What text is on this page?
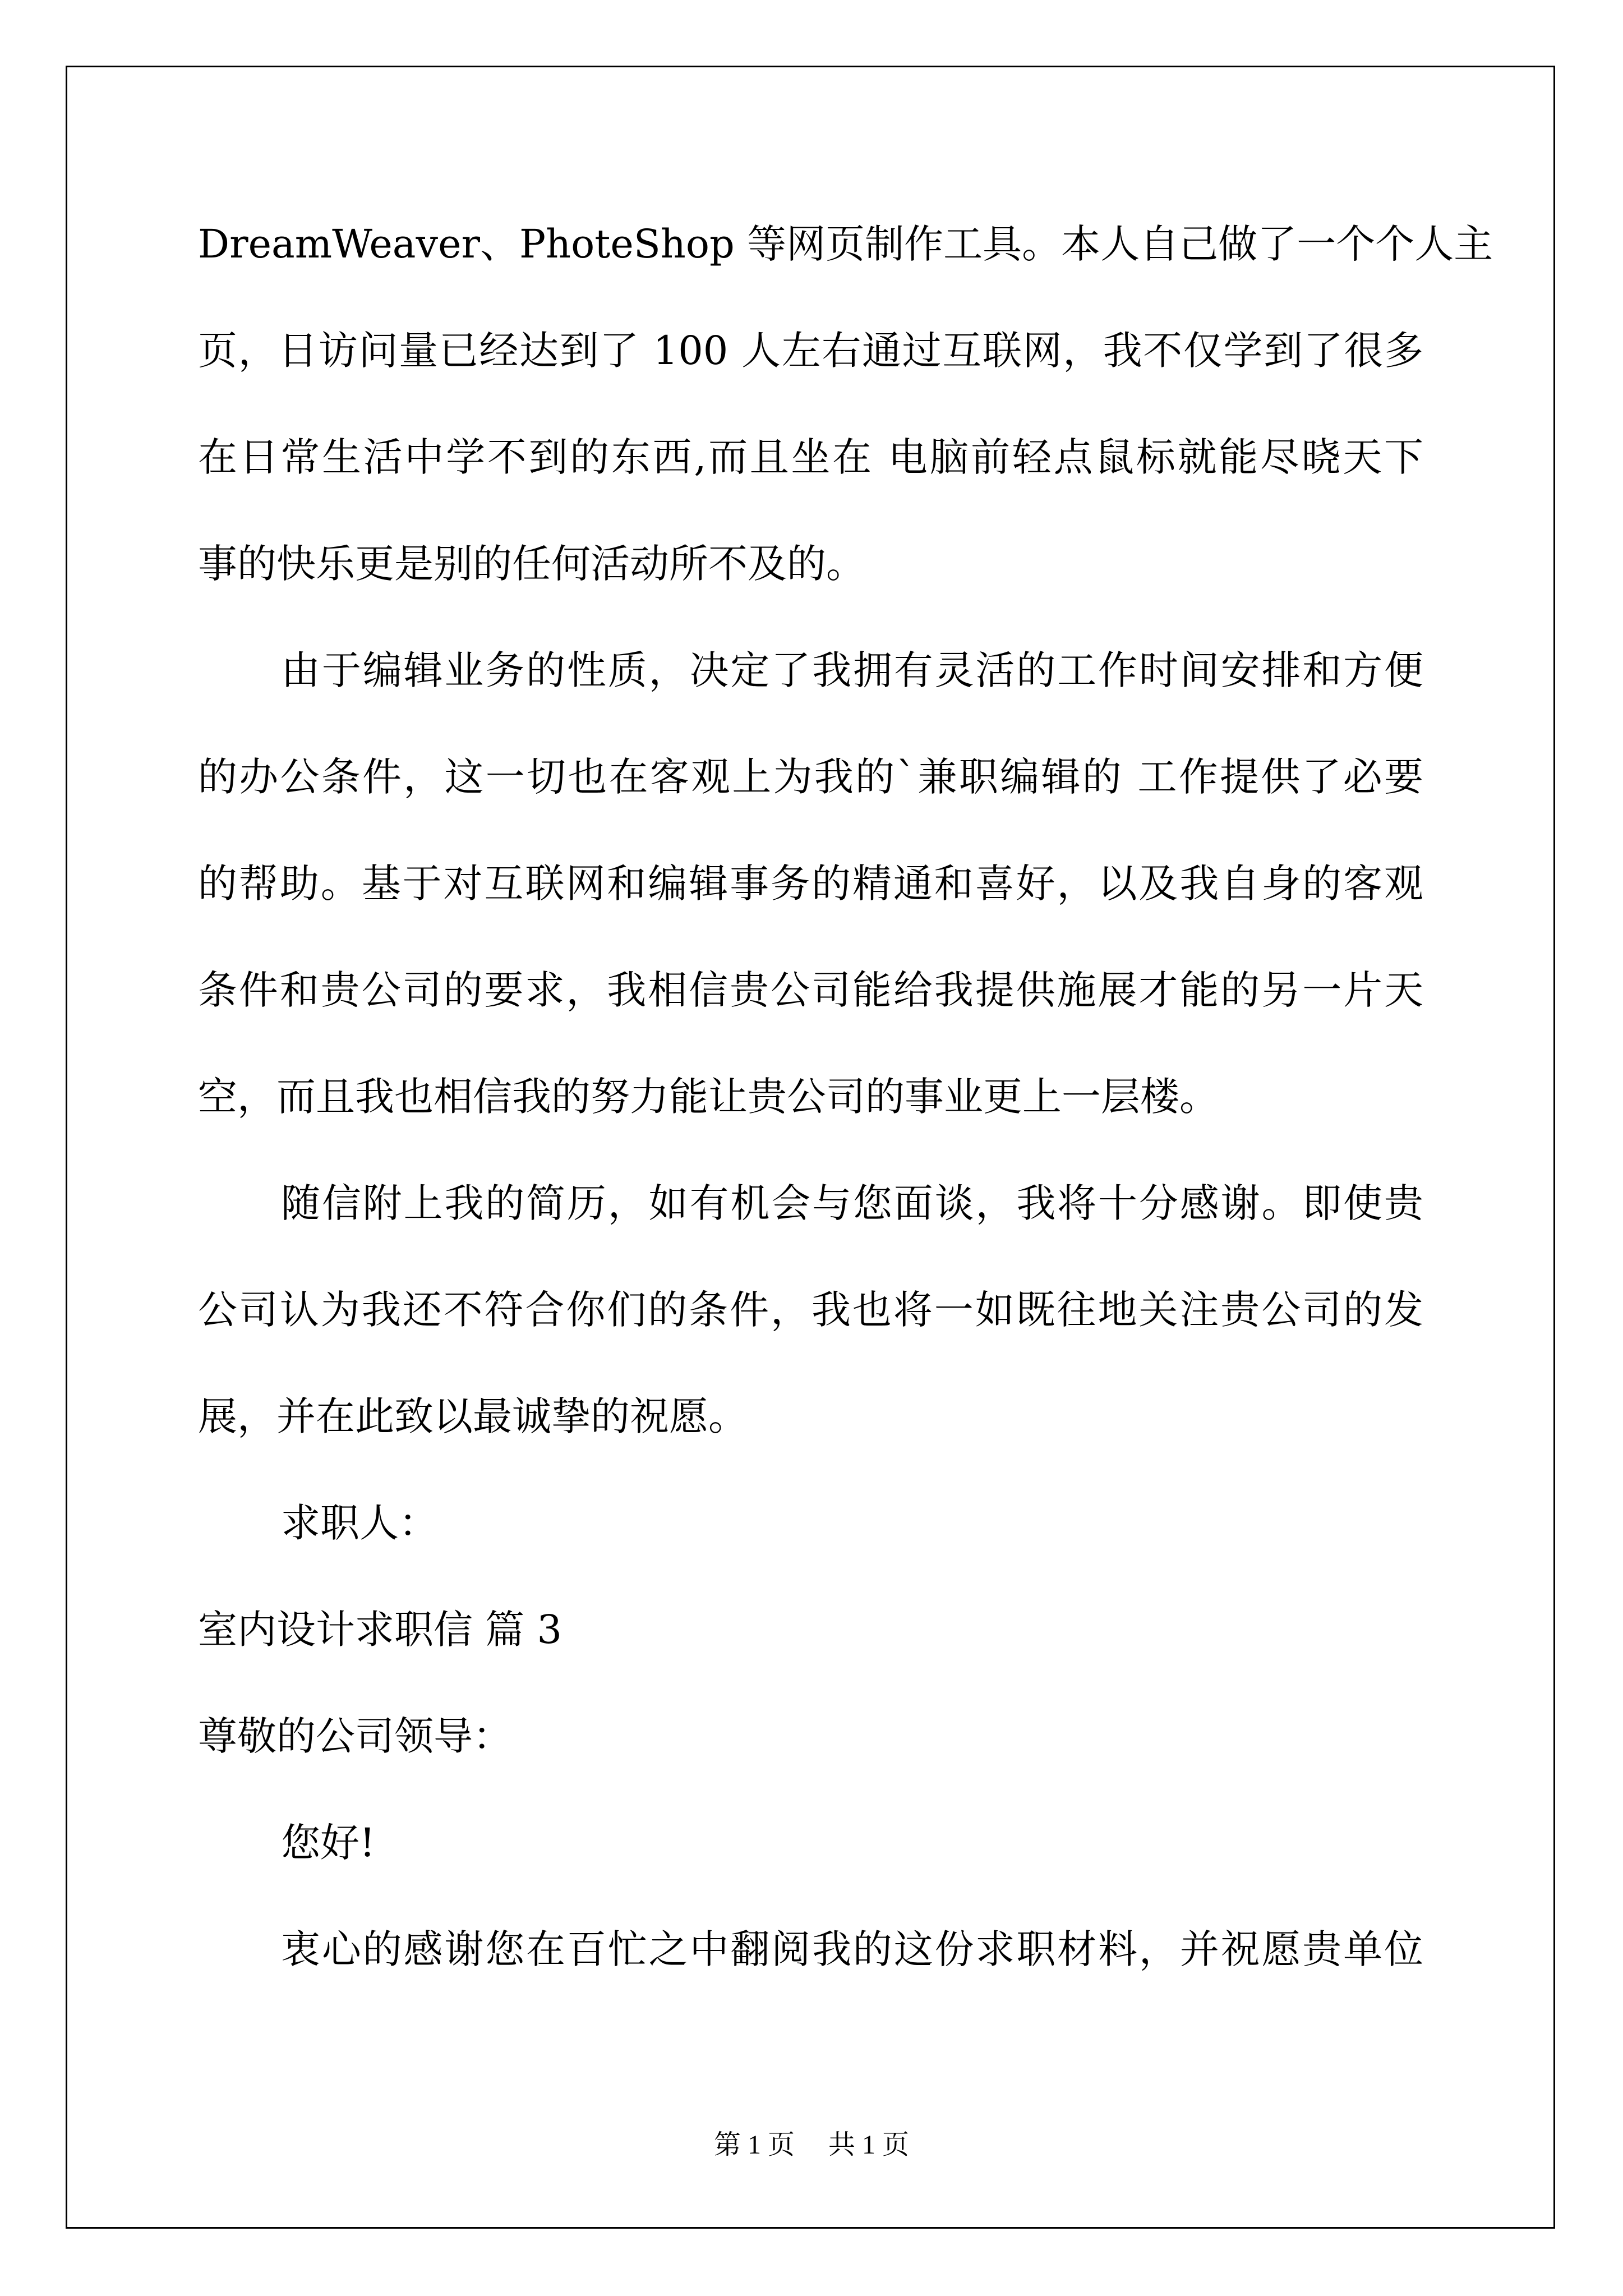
DreamWeaver、PhoteShop 等网页制作工具。本人自己做了一个个人主
页，日访问量已经达到了 100 人左右通过互联网，我不仅学到了很多
在日常生活中学不到的东西,而且坐在 电脑前轻点鼠标就能尽晓天下
事的快乐更是别的任何活动所不及的。
由于编辑业务的性质，决定了我拥有灵活的工作时间安排和方便
的办公条件，这一切也在客观上为我的`兼职编辑的 工作提供了必要
的帮助。基于对互联网和编辑事务的精通和喜好，以及我自身的客观
条件和贵公司的要求，我相信贵公司能给我提供施展才能的另一片天
空，而且我也相信我的努力能让贵公司的事业更上一层楼。
随信附上我的简历，如有机会与您面谈，我将十分感谢。即使贵
公司认为我还不符合你们的条件，我也将一如既往地关注贵公司的发
展，并在此致以最诚挚的祝愿。
求职人：
室内设计求职信 篇 3
尊敬的公司领导：
您好!
衷心的感谢您在百忙之中翻阅我的这份求职材料，并祝愿贵单位
第 1 页 共 1 页
